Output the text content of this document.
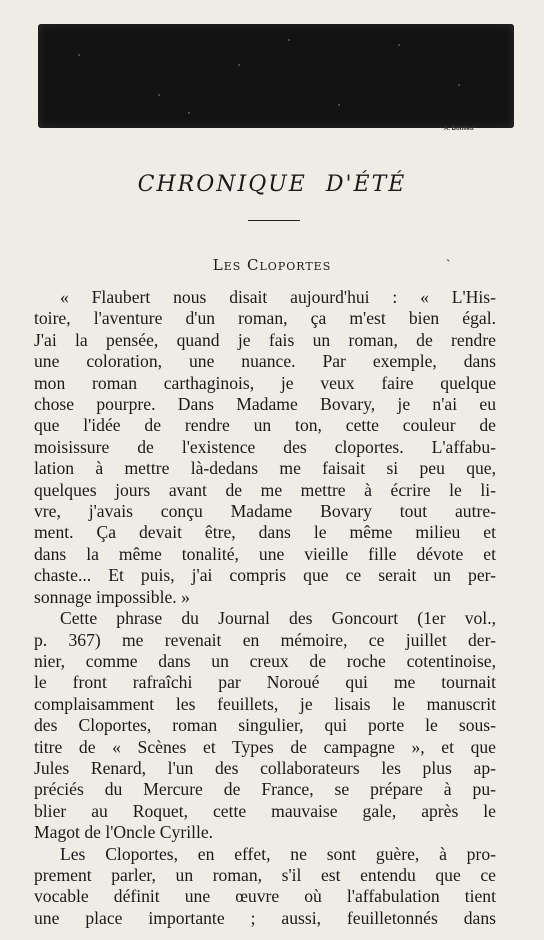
A. Bonlieu
CHRONIQUE D'ÉTÉ
ˎ
Les Cloportes
« Flaubert nous disait aujourd'hui : « L'His-
toire, l'aventure d'un roman, ça m'est bien égal.
J'ai la pensée, quand je fais un roman, de rendre
une coloration, une nuance. Par exemple, dans
mon roman carthaginois, je veux faire quelque
chose pourpre. Dans Madame Bovary, je n'ai eu
que l'idée de rendre un ton, cette couleur de
moisissure de l'existence des cloportes. L'affabu-
lation à mettre là-dedans me faisait si peu que,
quelques jours avant de me mettre à écrire le li-
vre, j'avais conçu Madame Bovary tout autre-
ment. Ça devait être, dans le même milieu et
dans la même tonalité, une vieille fille dévote et
chaste... Et puis, j'ai compris que ce serait un per-
sonnage impossible. »
Cette phrase du Journal des Goncourt (1er vol.,
p. 367) me revenait en mémoire, ce juillet der-
nier, comme dans un creux de roche cotentinoise,
le front rafraîchi par Noroué qui me tournait
complaisamment les feuillets, je lisais le manuscrit
des Cloportes, roman singulier, qui porte le sous-
titre de « Scènes et Types de campagne », et que
Jules Renard, l'un des collaborateurs les plus ap-
préciés du Mercure de France, se prépare à pu-
blier au Roquet, cette mauvaise gale, après le
Magot de l'Oncle Cyrille.
Les Cloportes, en effet, ne sont guère, à pro-
prement parler, un roman, s'il est entendu que ce
vocable définit une œuvre où l'affabulation tient
une place importante ; aussi, feuilletonnés dans
